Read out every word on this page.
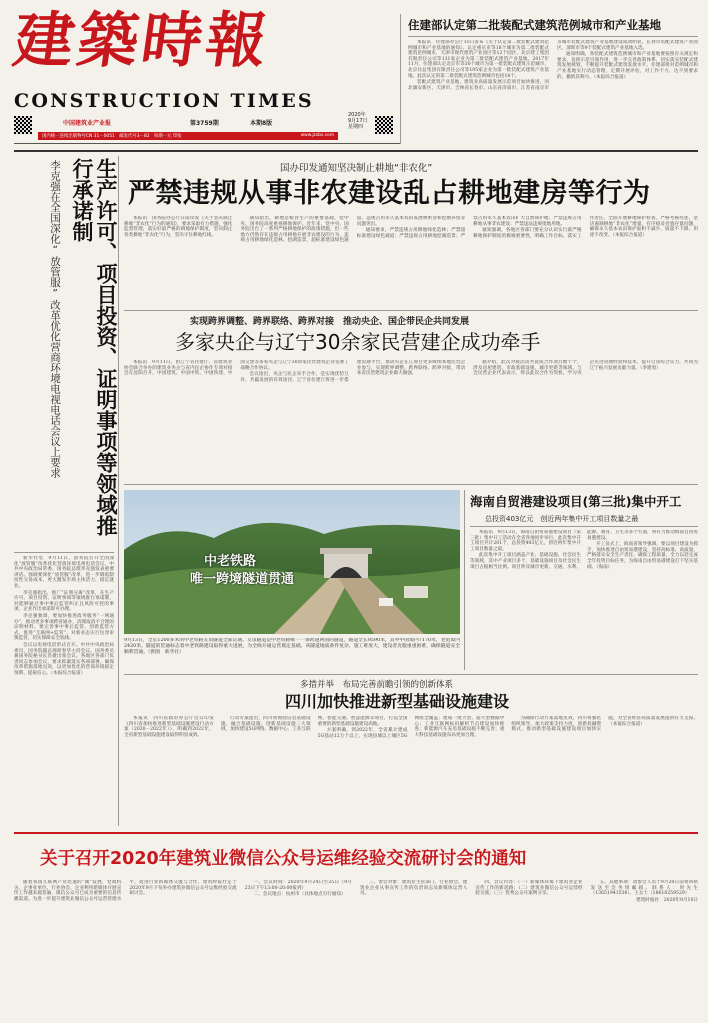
建築時報
CONSTRUCTION TIMES
中国建筑业产业报	第3759期	本期8版
2020年
9月17日
星期四
国内统一连续出版物号CN 31－0051　邮发代号3－82　每期一元 印张	www.jzsbs.com
住建部认定第二批装配式建筑范例城市和产业基地

本报讯　住建部办公厅15日发布《关于认定第二批装配式建筑范例城市和产业基地的通知》。认定重庆市等18个城市为第二批装配式建筑范例城市，天津市现代建筑产业园区等12个园区、北京建工集团有限责任公司等131家企业为第二批装配式建筑产业基地。2017年11月，住建部认定北京市等30个城市为第一批装配式建筑示范城市，北京住总集团有限责任公司等195家企业为第一批装配式建筑产业基地。此次认定的第二批装配式建筑范例城市包括18个。

装配式建筑产业基地，建筑业高质量发展示范项目加快推进，河北雄安新区、天津市、吉林省长春市、山东省济南市、江苏省南京市等城市装配式建筑产业基地建设成效明显，长春市装配式建筑产业园区、深圳市等9个装配式建筑产业基地入选。

通知明确，各装配式建筑范例城市和产业基地要按照有关规定和要求，发挥示范引领作用，进一步完善政策体系，切实落实装配式建筑发展规划，不断提升装配式建筑发展水平。住建部将对范例城市和产业基地实行动态管理，定期开展评估，对工作不力、达不到要求的，撤销其称号。（本报综合报道）

生产许可、项目投资、证明事项等领域推行承诺制
李克强在全国深化“放管服”改革优化营商环境电视电话会议上要求

新华社电　9月11日，国务院召开全国深化“放管服”改革优化营商环境电视电话会议。中共中央政治局常委、国务院总理李克强发表重要讲话。强调要深化“放管服”改革，进一步降低制度性交易成本，更大激发市场主体活力，稳定就业。

李克强指出，推广“证照分离”改革，在生产许可、项目投资、证明事项等领域推行承诺制，对能够通过事中事后监管纠正且风险可控的事项，企业作出承诺即可办理。

李克强强调，要加快推进政务服务“一网通办”，推动更多事项跨省通办，清理取消不合理的证明材料。要完善事中事后监管，创新监管方式，推进“互联网+监管”，对新业态实行包容审慎监管，切实保障安全底线。

会议以电视电话形式召开。中共中央政治局委员、国务院副总理胡春华主持会议。国务委员兼国务院秘书长肖捷出席会议。各地区各部门负责同志参加会议，要求抓紧落实各项部署，确保改革措施落地见效，以更加优化的营商环境稳定预期、提振信心。（本报综合报道）

国办印发通知坚决制止耕地“非农化”
严禁违规从事非农建设乱占耕地建房等行为

本报讯　国务院办公厅日前印发《关于坚决制止耕地“非农化”行为的通知》，要求采取有力措施，强化监督管理，落实好最严格的耕地保护制度，坚决制止各类耕地“非农化”行为，坚决守住耕地红线。

通知指出，耕地是粮食生产的重要基础，党中央、国务院高度重视耕地保护。近年来，党中央、国务院出台了一系列严格耕地保护的政策措施，但一些地方仍然存在违规占用耕地开展非农建设的行为，违规占用耕地绿化造林、挖湖造景、超标准建设绿色通道、违规占用永久基本农田发展林果业和挖塘养鱼等问题突出。

通知要求，严禁违规占用耕地绿化造林；严禁超标准建设绿色通道；严禁违规占用耕地挖湖造景；严禁占用永久基本农田扩大自然保护地；严禁违规占用耕地从事非农建设；严禁违法违规批地用地。

通知强调，各地区各部门要充分认识实行最严格耕地保护制度的极端重要性，明确工作目标，落实工作责任，全面开展耕地保护检查，严格考核奖惩，坚决遏制耕地“非农化”增量，有序稳妥处置存量问题，确保永久基本农田保护面积不减少、质量不下降、用途不改变。（本报综合报道）

实现跨界调整、跨界联络、跨界对接　推动央企、国企带民企共同发展
多家央企与辽宁30余家民营建企成功牵手

本报讯　9月11日，由辽宁省住建厅、省建筑业协会联合举办的建筑业央企与省内民企协作专项对接会在沈阳召开。中国建筑、中国中铁、中国铁建、中国交建等多家央企与辽宁30余家民营建筑企业签署了战略合作协议。

会议指出，央企与民企牵手合作，是实现优势互补、共赢发展的有效途径。辽宁省住建厅将进一步搭建沟通平台，推动央企在辽项目更多吸纳本地民营企业参与，实现跨界调整、跨界联络、跨界对接，带动本省民营建筑企业做大做强。

据介绍，此次对接活动共促成合作项目数十个，涉及房屋建筑、市政基础设施、城市更新等领域。与会民营企业代表表示，将以此次合作为契机，学习央企先进管理经验和技术，提升自身综合实力，共同为辽宁振兴发展贡献力量。（李建勇）

中老铁路
唯一跨境隧道贯通
9月13日，全长1200多米的中老铁路友谊隧道全部贯通。友谊隧道是中老铁路唯一一条跨越两国的隧道，隧道全长9590米，其中中国境内7170米，老挝境内2420米。隧道的贯通标志着中老铁路建设取得重大进展，为全线开通运营奠定基础。该隧道地质条件复杂，施工难度大，建设者克服重重困难，确保隧道安全顺利贯通。（供图　新华社）
海南自贸港建设项目(第三批)集中开工
总投资403亿元　创近两年集中开工项目数量之最

本报讯　9月13日，海南自由贸易港建设项目（第三批）集中开工活动在全省各地同步举行。此次集中开工项目共计201个，总投资403亿元，创近两年集中开工项目数量之最。

此次集中开工项目涵盖产业、基础设施、社会民生等领域，其中产业项目多个，基础设施项目及社会民生项目占据相当比例。项目涉及城市更新、交通、水利、能源、教育、卫生等多个方面，将有力推动海南自由贸易港建设。

开工仪式上，海南省领导强调，要以项目建设为抓手，加快推进自由贸易港建设，坚持高标准、高质量，严格落实安全生产责任，确保工程质量，全力以赴完成全年投资目标任务，为海南自由贸易港建设打下坚实基础。（海南）

多措并举　布局完善前瞻引领的创新体系
四川加快推进新型基础设施建设

本报讯　四川省政府办公厅近日印发《四川省加快推进新型基础设施建设行动方案（2020－2022年）》，明确到2022年，全省新型基础设施建设取得明显成效。

行动方案提出，四川将围绕信息基础设施、融合基础设施、创新基础设施三大领域，加快建设5G网络、数据中心、工业互联网、智能交通、智慧能源等项目，打造全国重要的新型基础设施建设高地。

方案明确，到2022年，全省累计建成5G基站12万个以上，实现县城以上城区5G网络全覆盖；建成一批大型、超大型数据中心；工业互联网标识解析节点建设加快推进；新能源汽车充电基础设施不断完善；重大科技基础设施布局更加合理。

为确保行动方案落地见效，四川将强化组织领导，加大政策支持力度，创新投融资模式，推动新型基础设施建设项目加快实施，为全省经济高质量发展提供有力支撑。（本报综合报道）

关于召开2020年建筑业微信公众号运维经验交流研讨会的通知

随着我国互联网产业迅速的“微”发展，党政机关、企事业单位、行业协会、企业利用新媒体开展宣传工作越来越普遍，微信公众号已成为重要的信息传播渠道。为进一步提升建筑业微信公众号运营管理水平，促进行业新媒体交流与合作，建筑时报社定于2020年9月下旬举办建筑业微信公众号运维经验交流研讨会。

一、会议时间：2020年9月24日至25日（9月23日下午13:00-20:00报到）

二、会议地点：杭州市（具体地点另行通知）

三、参会对象：建筑业主管部门、行业协会、建筑业企业从事宣传工作的负责同志及新媒体运营人员。

四、会议内容：（一）新媒体环境下建筑业企业宣传工作的新思路；（二）建筑业微信公众号运营经验交流；（三）优秀公众号案例分享。

五、其他事项：请参会人员于9月20日前将回执发送至会务组邮箱。联系人：时先生（13651941536）、王女士（18616259529）

建筑时报社　2020年9月10日
